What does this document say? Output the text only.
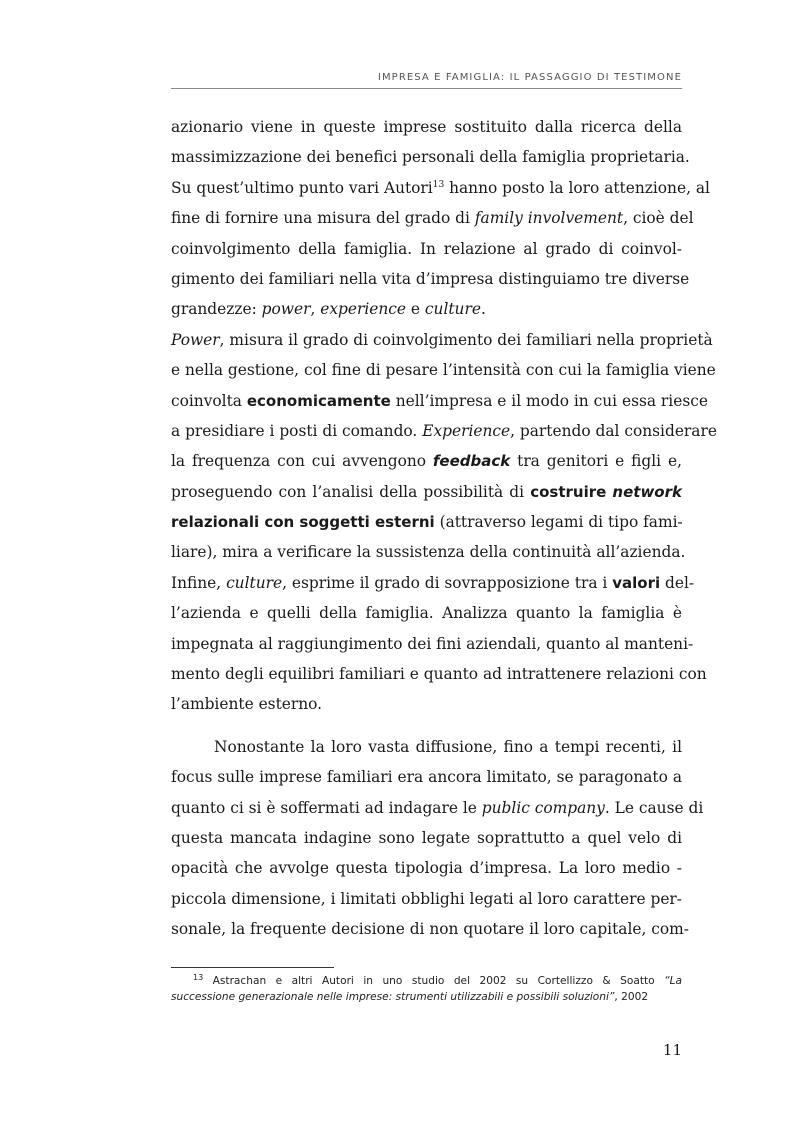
IMPRESA E FAMIGLIA: IL PASSAGGIO DI TESTIMONE
azionario viene in queste imprese sostituito dalla ricerca della
massimizzazione dei benefici personali della famiglia proprietaria.
Su quest’ultimo punto vari Autori$^{13}$ hanno posto la loro attenzione, al
fine di fornire una misura del grado di family involvement, cioè del
coinvolgimento della famiglia. In relazione al grado di coinvol-
gimento dei familiari nella vita d’impresa distinguiamo tre diverse
grandezze: power, experience e culture.
Power, misura il grado di coinvolgimento dei familiari nella proprietà
e nella gestione, col fine di pesare l’intensità con cui la famiglia viene
coinvolta economicamente nell’impresa e il modo in cui essa riesce
a presidiare i posti di comando. Experience, partendo dal considerare
la frequenza con cui avvengono feedback tra genitori e figli e,
proseguendo con l’analisi della possibilità di costruire network
relazionali con soggetti esterni (attraverso legami di tipo fami-
liare), mira a verificare la sussistenza della continuità all’azienda.
Infine, culture, esprime il grado di sovrapposizione tra i valori del-
l’azienda e quelli della famiglia. Analizza quanto la famiglia è
impegnata al raggiungimento dei fini aziendali, quanto al manteni-
mento degli equilibri familiari e quanto ad intrattenere relazioni con
l’ambiente esterno.
Nonostante la loro vasta diffusione, fino a tempi recenti, il
focus sulle imprese familiari era ancora limitato, se paragonato a
quanto ci si è soffermati ad indagare le public company. Le cause di
questa mancata indagine sono legate soprattutto a quel velo di
opacità che avvolge questa tipologia d’impresa. La loro medio -
piccola dimensione, i limitati obblighi legati al loro carattere per-
sonale, la frequente decisione di non quotare il loro capitale, com-
$^{13}$ Astrachan e altri Autori in uno studio del 2002 su Cortellizzo & Soatto “La
successione generazionale nelle imprese: strumenti utilizzabili e possibili soluzioni”, 2002
11
